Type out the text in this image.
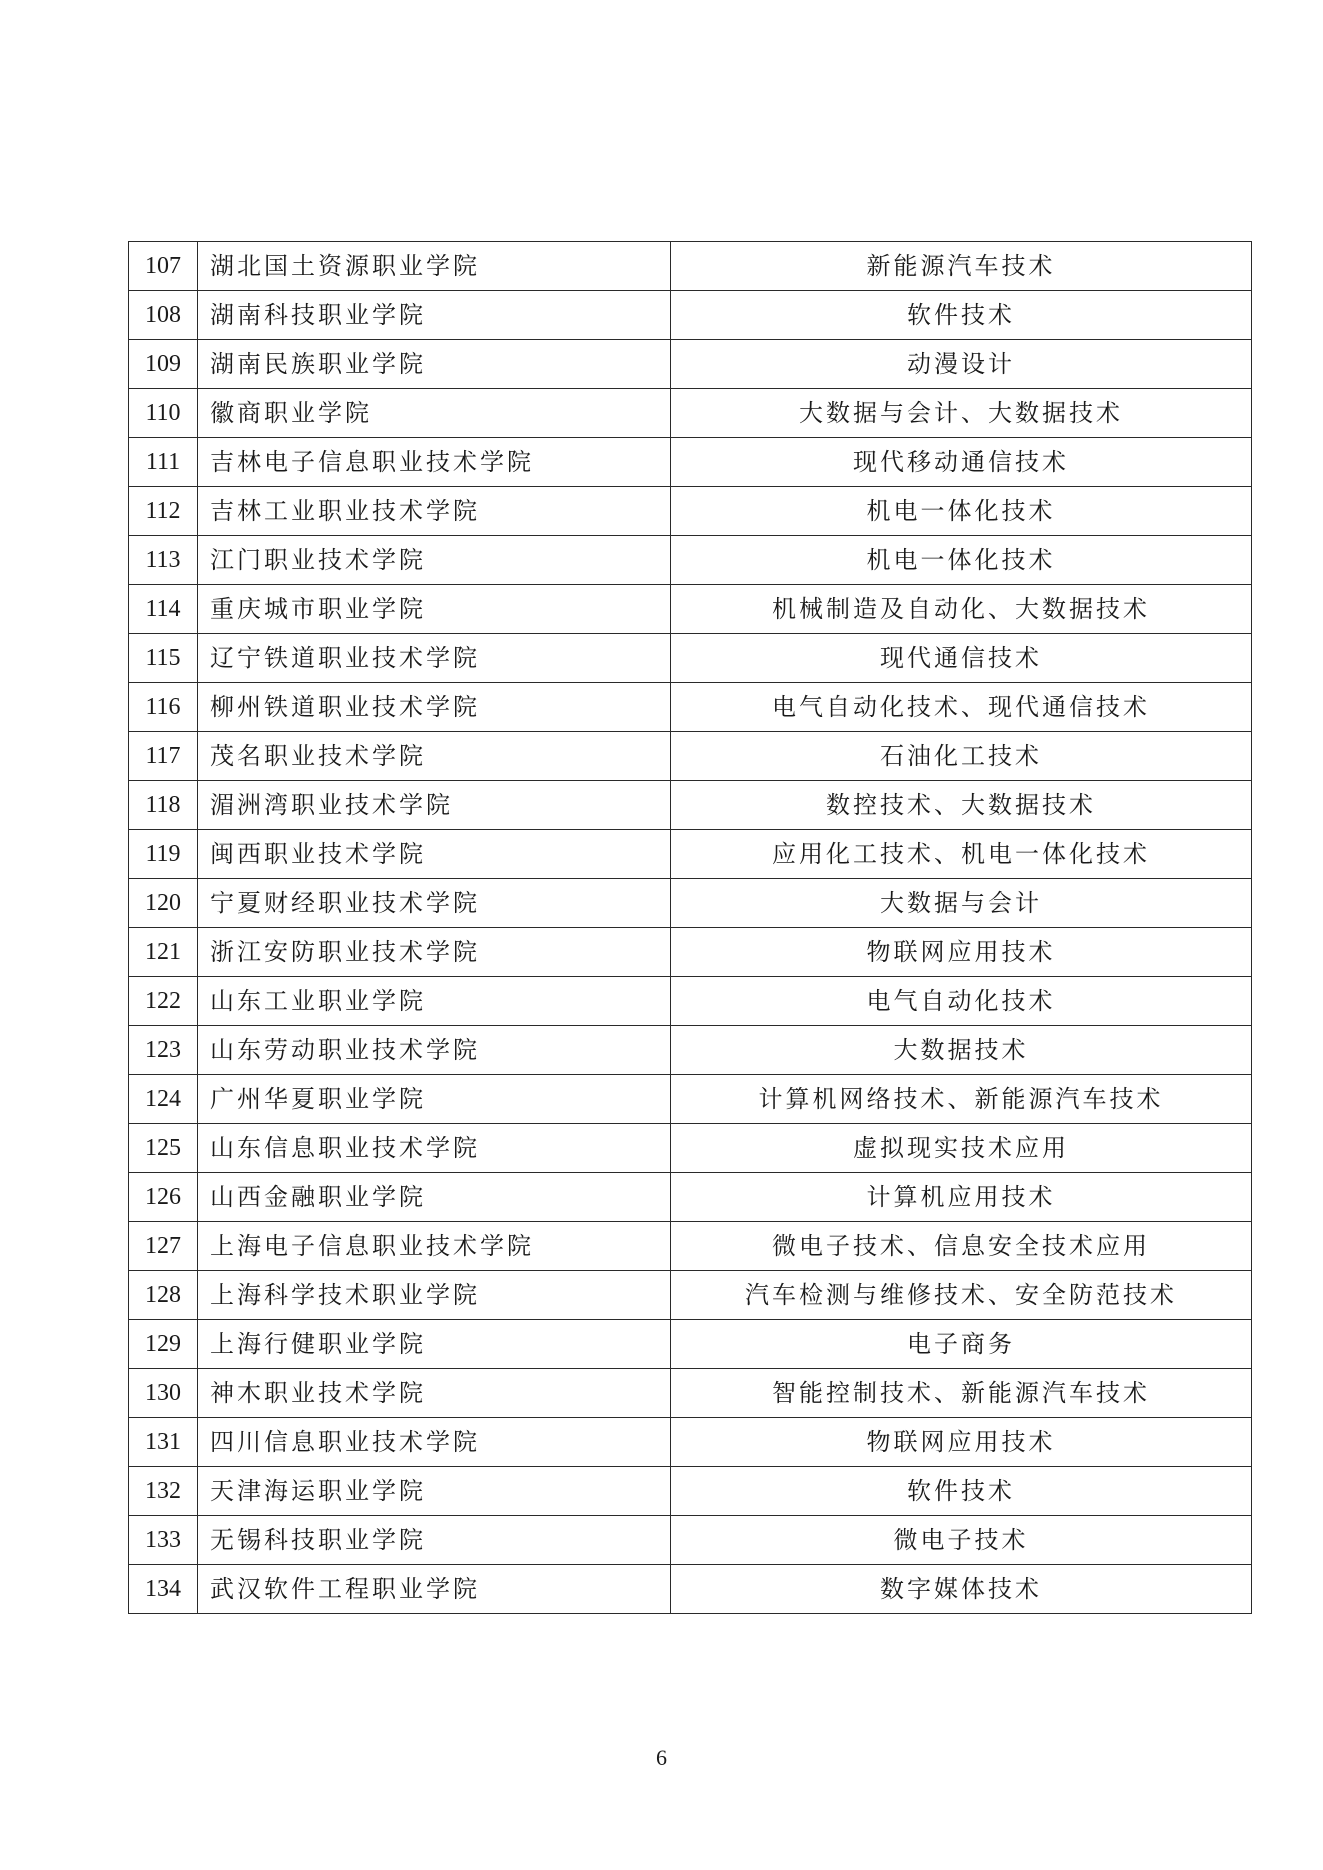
107	湖北国土资源职业学院	新能源汽车技术
108	湖南科技职业学院	软件技术
109	湖南民族职业学院	动漫设计
110	徽商职业学院	大数据与会计、大数据技术
111	吉林电子信息职业技术学院	现代移动通信技术
112	吉林工业职业技术学院	机电一体化技术
113	江门职业技术学院	机电一体化技术
114	重庆城市职业学院	机械制造及自动化、大数据技术
115	辽宁铁道职业技术学院	现代通信技术
116	柳州铁道职业技术学院	电气自动化技术、现代通信技术
117	茂名职业技术学院	石油化工技术
118	湄洲湾职业技术学院	数控技术、大数据技术
119	闽西职业技术学院	应用化工技术、机电一体化技术
120	宁夏财经职业技术学院	大数据与会计
121	浙江安防职业技术学院	物联网应用技术
122	山东工业职业学院	电气自动化技术
123	山东劳动职业技术学院	大数据技术
124	广州华夏职业学院	计算机网络技术、新能源汽车技术
125	山东信息职业技术学院	虚拟现实技术应用
126	山西金融职业学院	计算机应用技术
127	上海电子信息职业技术学院	微电子技术、信息安全技术应用
128	上海科学技术职业学院	汽车检测与维修技术、安全防范技术
129	上海行健职业学院	电子商务
130	神木职业技术学院	智能控制技术、新能源汽车技术
131	四川信息职业技术学院	物联网应用技术
132	天津海运职业学院	软件技术
133	无锡科技职业学院	微电子技术
134	武汉软件工程职业学院	数字媒体技术
6
